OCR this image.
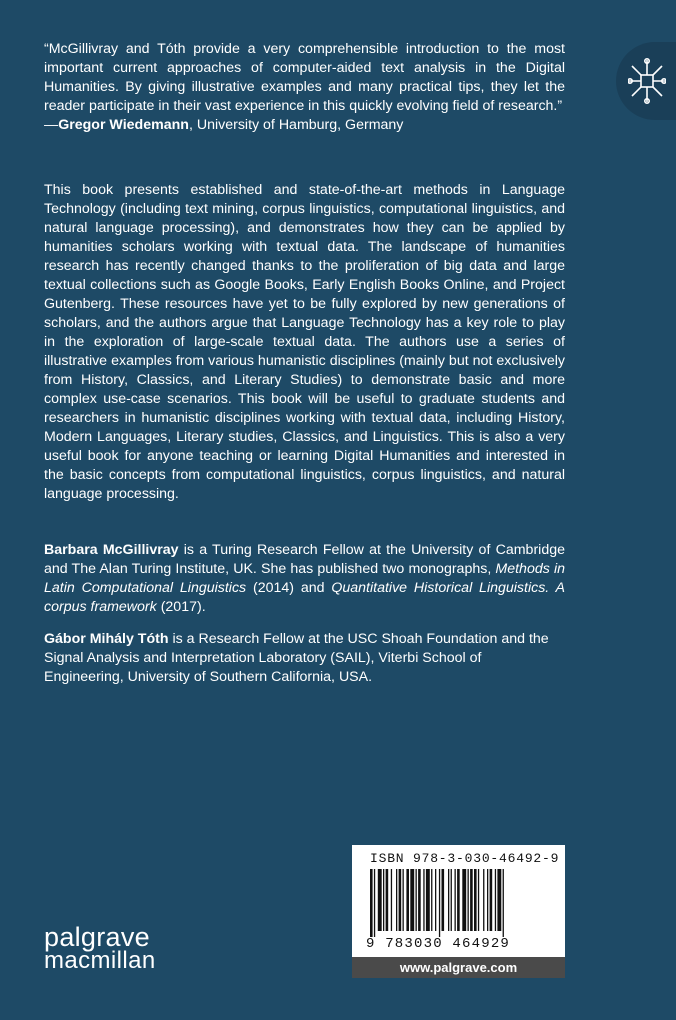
“McGillivray and Tóth provide a very comprehensible introduction to the most important current approaches of computer-aided text analysis in the Digital Humanities. By giving illustrative examples and many practical tips, they let the reader participate in their vast experience in this quickly evolving field of research.”

—Gregor Wiedemann, University of Hamburg, Germany

This book presents established and state-of-the-art methods in Language Technology (including text mining, corpus linguistics, computational linguistics, and natural language processing), and demonstrates how they can be applied by humanities scholars working with textual data. The landscape of humanities research has recently changed thanks to the proliferation of big data and large textual collections such as Google Books, Early English Books Online, and Project Gutenberg. These resources have yet to be fully explored by new generations of scholars, and the authors argue that Language Technology has a key role to play in the exploration of large-scale textual data. The authors use a series of illustrative examples from various humanistic disciplines (mainly but not exclusively from History, Classics, and Literary Studies) to demonstrate basic and more complex use-case scenarios. This book will be useful to graduate students and researchers in humanistic disciplines working with textual data, including History, Modern Languages, Literary studies, Classics, and Linguistics. This is also a very useful book for anyone teaching or learning Digital Humanities and interested in the basic concepts from computational linguistics, corpus linguistics, and natural language processing.

Barbara McGillivray is a Turing Research Fellow at the University of Cambridge and The Alan Turing Institute, UK. She has published two monographs, Methods in Latin Computational Linguistics (2014) and Quantitative Historical Linguistics. A corpus framework (2017).

Gábor Mihály Tóth is a Research Fellow at the USC Shoah Foundation and the Signal Analysis and Interpretation Laboratory (SAIL), Viterbi School of Engineering, University of Southern California, USA.

palgrave
macmillan
ISBN 978-3-030-46492-9
9 783030 464929
www.palgrave.com
